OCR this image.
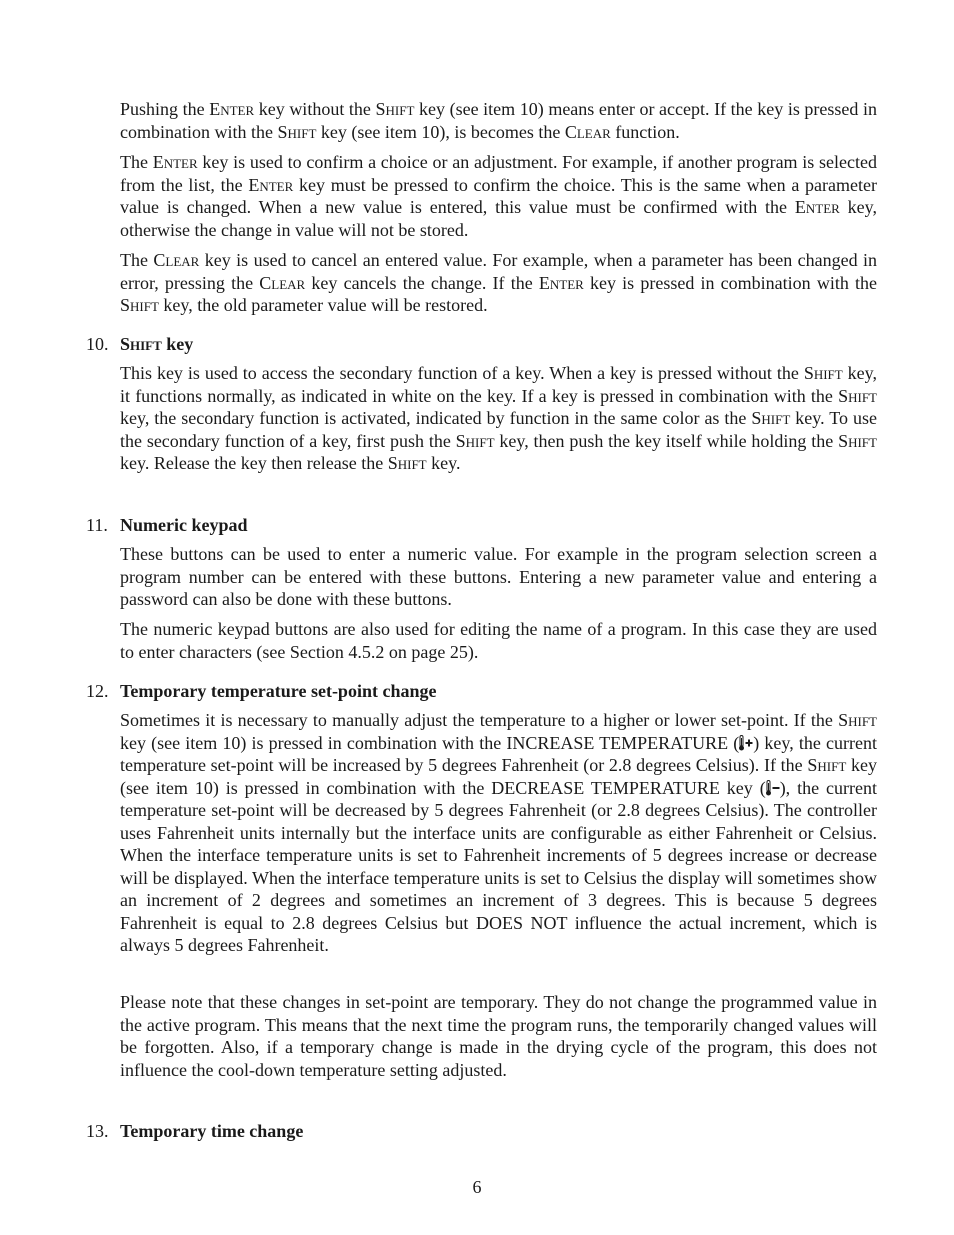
Pushing the Enter key without the Shift key (see item 10) means enter or accept. If the key is pressed in combination with the Shift key (see item 10), is becomes the Clear function.

The Enter key is used to confirm a choice or an adjustment. For example, if another program is selected from the list, the Enter key must be pressed to confirm the choice. This is the same when a parameter value is changed. When a new value is entered, this value must be confirmed with the Enter key, otherwise the change in value will not be stored.

The Clear key is used to cancel an entered value. For example, when a parameter has been changed in error, pressing the Clear key cancels the change. If the Enter key is pressed in combination with the Shift key, the old parameter value will be restored.

10. Shift key

This key is used to access the secondary function of a key. When a key is pressed without the Shift key, it functions normally, as indicated in white on the key. If a key is pressed in combination with the Shift key, the secondary function is activated, indicated by function in the same color as the Shift key. To use the secondary function of a key, first push the Shift key, then push the key itself while holding the Shift key. Release the key then release the Shift key.

11. Numeric keypad

These buttons can be used to enter a numeric value. For example in the program selection screen a program number can be entered with these buttons. Entering a new parameter value and entering a password can also be done with these buttons.

The numeric keypad buttons are also used for editing the name of a program. In this case they are used to enter characters (see Section 4.5.2 on page 25).

12. Temporary temperature set-point change

Sometimes it is necessary to manually adjust the temperature to a higher or lower set-point. If the Shift key (see item 10) is pressed in combination with the INCREASE TEMPERATURE ( ) key, the current temperature set-point will be increased by 5 degrees Fahrenheit (or 2.8 degrees Celsius). If the Shift key (see item 10) is pressed in combination with the DECREASE TEMPERATURE key ( ), the current temperature set-point will be decreased by 5 degrees Fahrenheit (or 2.8 degrees Celsius). The controller uses Fahrenheit units internally but the interface units are configurable as either Fahrenheit or Celsius. When the interface temperature units is set to Fahrenheit increments of 5 degrees increase or decrease will be displayed. When the interface temperature units is set to Celsius the display will sometimes show an increment of 2 degrees and sometimes an increment of 3 degrees. This is because 5 degrees Fahrenheit is equal to 2.8 degrees Celsius but DOES NOT influence the actual increment, which is always 5 degrees Fahrenheit.

Please note that these changes in set-point are temporary. They do not change the programmed value in the active program. This means that the next time the program runs, the temporarily changed values will be forgotten. Also, if a temporary change is made in the drying cycle of the program, this does not influence the cool-down temperature setting adjusted.

13. Temporary time change
6
